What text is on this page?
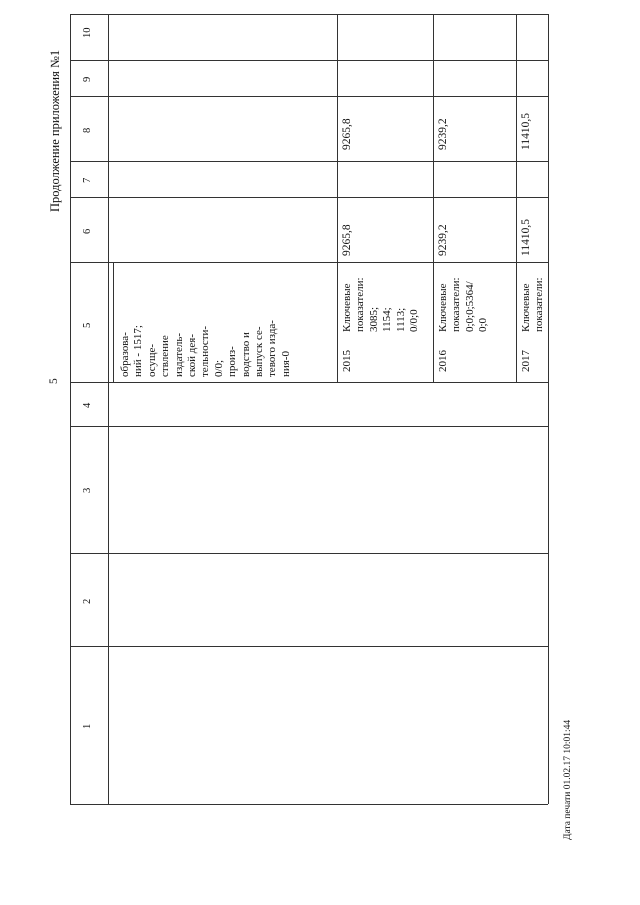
1
2
3
4
5
6
7
8
9
10
Продолжение приложения №1
5
Дата печати 01.02.17 10:01:44
образова- ний - 1517; осуще- ствление издатель- ской дея- тельности- 0/0; произ- водство и выпуск се- тевого изда- ния-0	2015
Ключевые показатели: 3085; 1154; 1113; 0/0;0
9265,8
9265,8
2016
Ключевые показатели: 0;0;0;5364/ 0;0
9239,2
9239,2
2017
Ключевые показатели:
11410,5
11410,5
